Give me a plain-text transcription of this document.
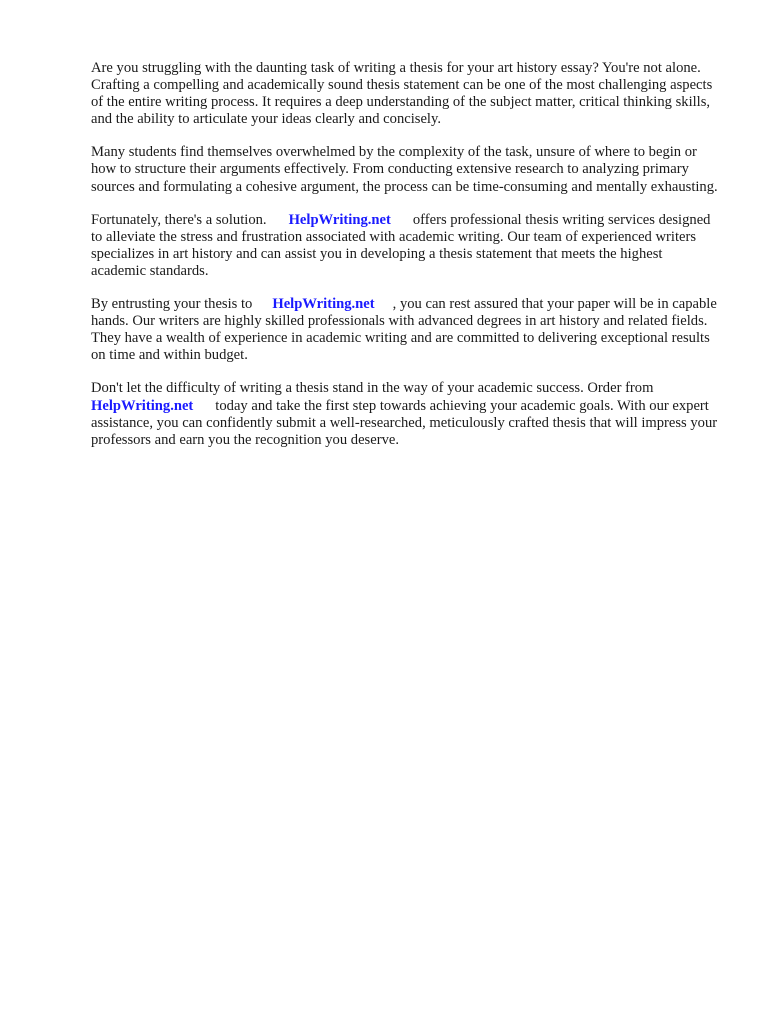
Are you struggling with the daunting task of writing a thesis for your art history essay? You're not alone. Crafting a compelling and academically sound thesis statement can be one of the most challenging aspects of the entire writing process. It requires a deep understanding of the subject matter, critical thinking skills, and the ability to articulate your ideas clearly and concisely.

Many students find themselves overwhelmed by the complexity of the task, unsure of where to begin or how to structure their arguments effectively. From conducting extensive research to analyzing primary sources and formulating a cohesive argument, the process can be time-consuming and mentally exhausting.

Fortunately, there's a solution. HelpWriting.net offers professional thesis writing services designed to alleviate the stress and frustration associated with academic writing. Our team of experienced writers specializes in art history and can assist you in developing a thesis statement that meets the highest academic standards.

By entrusting your thesis to HelpWriting.net , you can rest assured that your paper will be in capable hands. Our writers are highly skilled professionals with advanced degrees in art history and related fields. They have a wealth of experience in academic writing and are committed to delivering exceptional results on time and within budget.

Don't let the difficulty of writing a thesis stand in the way of your academic success. Order from HelpWriting.net today and take the first step towards achieving your academic goals. With our expert assistance, you can confidently submit a well-researched, meticulously crafted thesis that will impress your professors and earn you the recognition you deserve.
